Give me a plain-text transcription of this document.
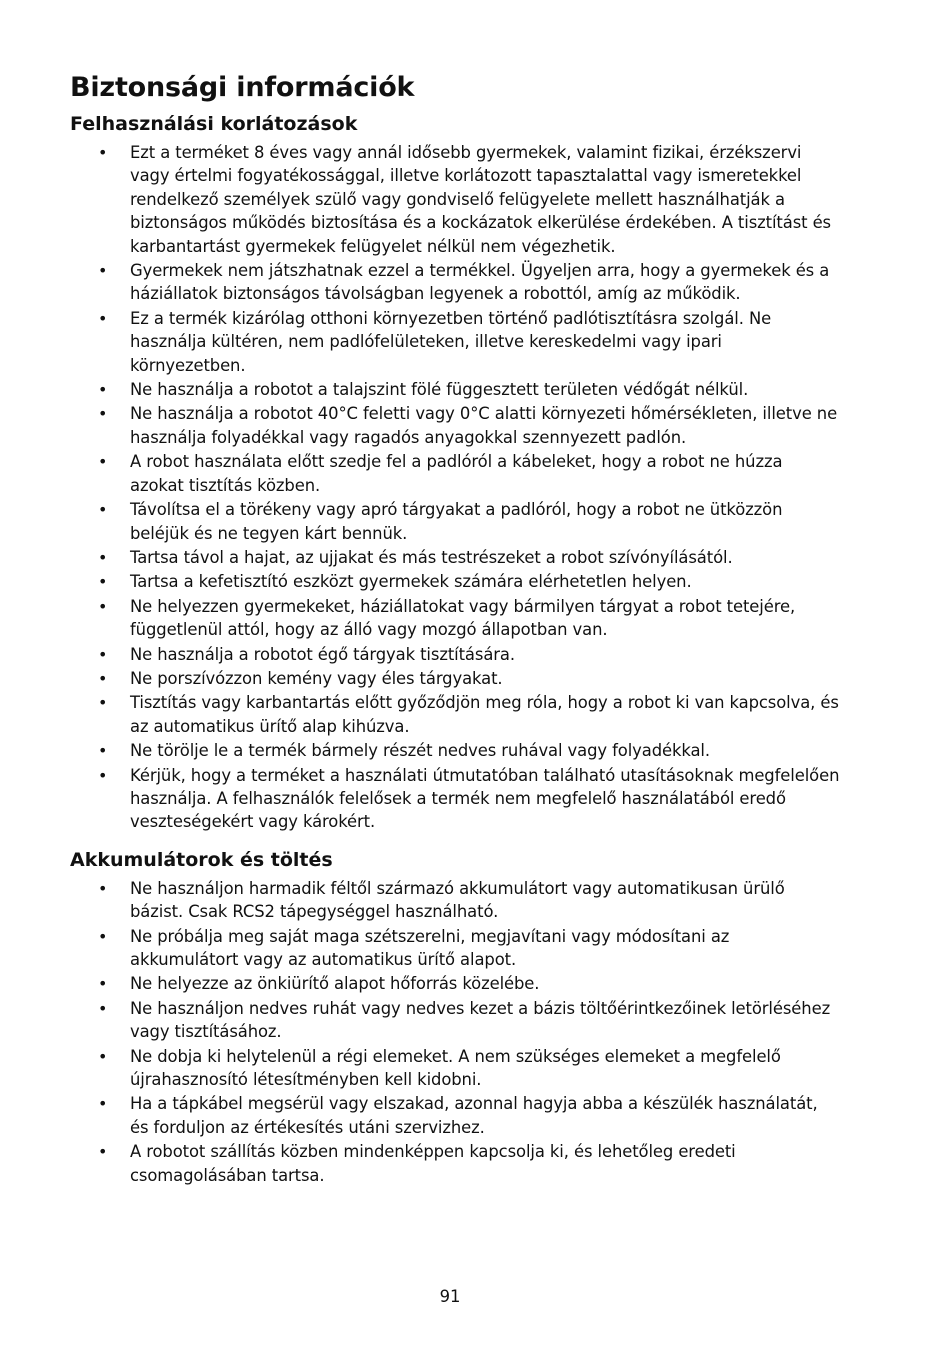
Biztonsági információk
Felhasználási korlátozások
• Ezt a terméket 8 éves vagy annál idősebb gyermekek, valamint fizikai, érzékszervi vagy értelmi fogyatékossággal, illetve korlátozott tapasztalattal vagy ismeretekkel rendelkező személyek szülő vagy gondviselő felügyelete mellett használhatják a biztonságos működés biztosítása és a kockázatok elkerülése érdekében. A tisztítást és karbantartást gyermekek felügyelet nélkül nem végezhetik.
• Gyermekek nem játszhatnak ezzel a termékkel. Ügyeljen arra, hogy a gyermekek és a háziállatok biztonságos távolságban legyenek a robottól, amíg az működik.
• Ez a termék kizárólag otthoni környezetben történő padlótisztításra szolgál. Ne használja kültéren, nem padlófelületeken, illetve kereskedelmi vagy ipari környezetben.
• Ne használja a robotot a talajszint fölé függesztett területen védőgát nélkül.
• Ne használja a robotot 40°C feletti vagy 0°C alatti környezeti hőmérsékleten, illetve ne használja folyadékkal vagy ragadós anyagokkal szennyezett padlón.
• A robot használata előtt szedje fel a padlóról a kábeleket, hogy a robot ne húzza azokat tisztítás közben.
• Távolítsa el a törékeny vagy apró tárgyakat a padlóról, hogy a robot ne ütközzön beléjük és ne tegyen kárt bennük.
• Tartsa távol a hajat, az ujjakat és más testrészeket a robot szívónyílásától.
• Tartsa a kefetisztító eszközt gyermekek számára elérhetetlen helyen.
• Ne helyezzen gyermekeket, háziállatokat vagy bármilyen tárgyat a robot tetejére, függetlenül attól, hogy az álló vagy mozgó állapotban van.
• Ne használja a robotot égő tárgyak tisztítására.
• Ne porszívózzon kemény vagy éles tárgyakat.
• Tisztítás vagy karbantartás előtt győződjön meg róla, hogy a robot ki van kapcsolva, és az automatikus ürítő alap kihúzva.
• Ne törölje le a termék bármely részét nedves ruhával vagy folyadékkal.
• Kérjük, hogy a terméket a használati útmutatóban található utasításoknak megfelelően használja. A felhasználók felelősek a termék nem megfelelő használatából eredő veszteségekért vagy károkért.
Akkumulátorok és töltés
• Ne használjon harmadik féltől származó akkumulátort vagy automatikusan ürülő bázist. Csak RCS2 tápegységgel használható.
• Ne próbálja meg saját maga szétszerelni, megjavítani vagy módosítani az akkumulátort vagy az automatikus ürítő alapot.
• Ne helyezze az önkiürítő alapot hőforrás közelébe.
• Ne használjon nedves ruhát vagy nedves kezet a bázis töltőérintkezőinek letörléséhez vagy tisztításához.
• Ne dobja ki helytelenül a régi elemeket. A nem szükséges elemeket a megfelelő újrahasznosító létesítményben kell kidobni.
• Ha a tápkábel megsérül vagy elszakad, azonnal hagyja abba a készülék használatát, és forduljon az értékesítés utáni szervizhez.
• A robotot szállítás közben mindenképpen kapcsolja ki, és lehetőleg eredeti csomagolásában tartsa.
91
